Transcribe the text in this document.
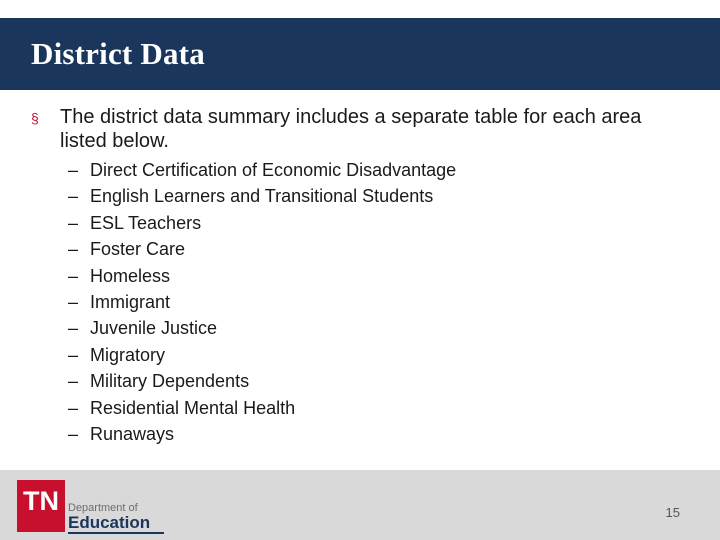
District Data
§ The district data summary includes a separate table for each area listed below.
– Direct Certification of Economic Disadvantage
– English Learners and Transitional Students
– ESL Teachers
– Foster Care
– Homeless
– Immigrant
– Juvenile Justice
– Migratory
– Military Dependents
– Residential Mental Health
– Runaways
TN Department of
Education
15
